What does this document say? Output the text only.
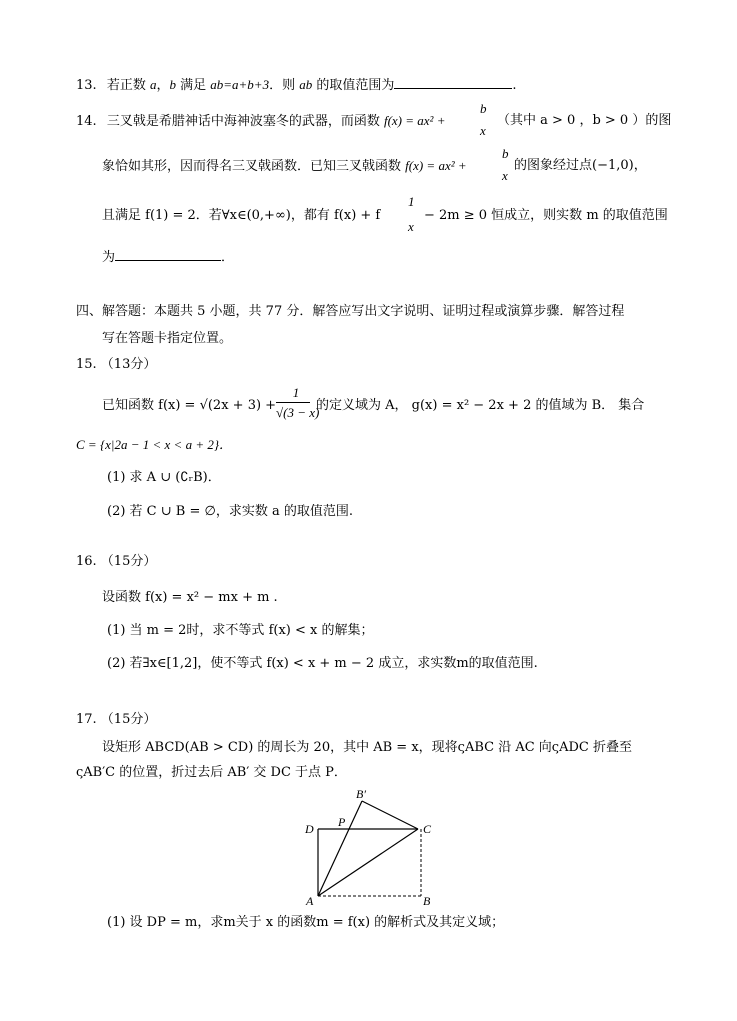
13. 若正数 a，b 满足 ab=a+b+3．则 ab 的取值范围为	.
14. 三叉戟是希腊神话中海神波塞冬的武器，而函数 f(x) = ax² +
b
x
（其中 a > 0 ，b > 0 ）的图
象恰如其形，因而得名三叉戟函数．已知三叉戟函数 f(x) = ax² +
b
x
的图象经过点(−1,0)，
且满足 f(1) = 2．若∀x∈(0,+∞)，都有 f(x) + f
1
x
− 2m ≥ 0 恒成立，则实数 m 的取值范围
为	．
四、解答题：本题共 5 小题，共 77 分．解答应写出文字说明、证明过程或演算步骤．解答过程
写在答题卡指定位置。
15. （13分）
已知函数 f(x) = √(2x + 3) +
1
√(3 − x)
的定义域为 A， g(x) = x² − 2x + 2 的值域为 B． 集合
C = {x|2a − 1 < x < a + 2}．
(1) 求 A ∪ (∁ᵣB)．
(2) 若 C ∪ B = ∅，求实数 a 的取值范围.
16. （15分）
设函数 f(x) = x² − mx + m .
(1) 当 m = 2时，求不等式 f(x) < x 的解集；
(2) 若∃x∈[1,2]，使不等式 f(x) < x + m − 2 成立，求实数m的取值范围.
17. （15分）
设矩形 ABCD(AB > CD) 的周长为 20，其中 AB = x，现将ςABC 沿 AC 向ςADC 折叠至
ςAB′C 的位置，折过去后 AB′ 交 DC 于点 P．
B′
D P	C
A	B
(1) 设 DP = m，求m关于 x 的函数m = f(x) 的解析式及其定义域；
